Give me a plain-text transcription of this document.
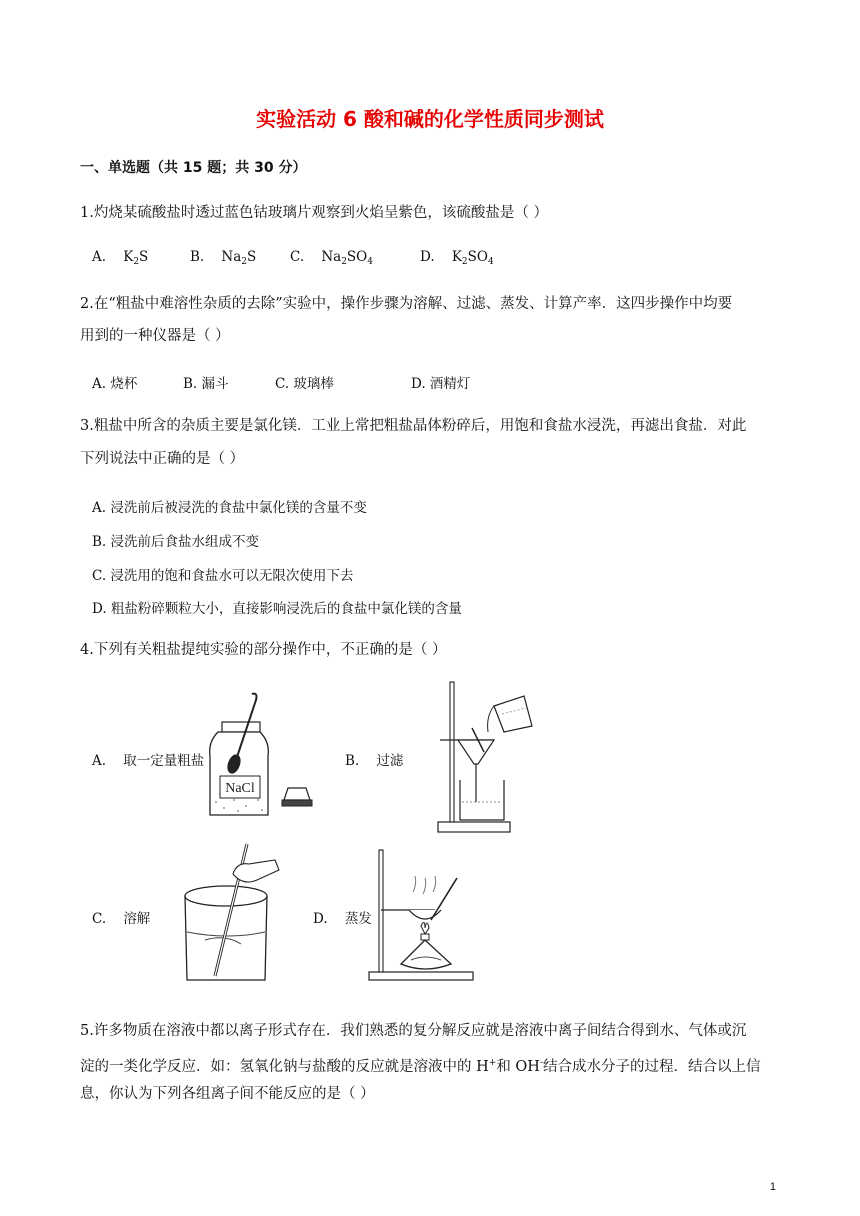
实验活动 6 酸和碱的化学性质同步测试
一、单选题（共 15 题；共 30 分）
1.灼烧某硫酸盐时透过蓝色钴玻璃片观察到火焰呈紫色，该硫酸盐是（ ）
A. $K_2S$	B. $Na_2S$	C. $Na_2SO_4$	D. $K_2SO_4$
2.在“粗盐中难溶性杂质的去除”实验中，操作步骤为溶解、过滤、蒸发、计算产率．这四步操作中均要
用到的一种仪器是（ ）
A. 烧杯	B. 漏斗	C. 玻璃棒	D. 酒精灯
3.粗盐中所含的杂质主要是氯化镁．工业上常把粗盐晶体粉碎后，用饱和食盐水浸洗，再滤出食盐．对此
下列说法中正确的是（ ）
A. 浸洗前后被浸洗的食盐中氯化镁的含量不变
B. 浸洗前后食盐水组成不变
C. 浸洗用的饱和食盐水可以无限次使用下去
D. 粗盐粉碎颗粒大小，直接影响浸洗后的食盐中氯化镁的含量
4.下列有关粗盐提纯实验的部分操作中，不正确的是（ ）
A. 取一定量粗盐	B. 过滤
C. 溶解	D. 蒸发
NaCl
5.许多物质在溶液中都以离子形式存在．我们熟悉的复分解反应就是溶液中离子间结合得到水、气体或沉
淀的一类化学反应．如：氢氧化钠与盐酸的反应就是溶液中的 H+和 OH-结合成水分子的过程．结合以上信
息，你认为下列各组离子间不能反应的是（ ）
1
